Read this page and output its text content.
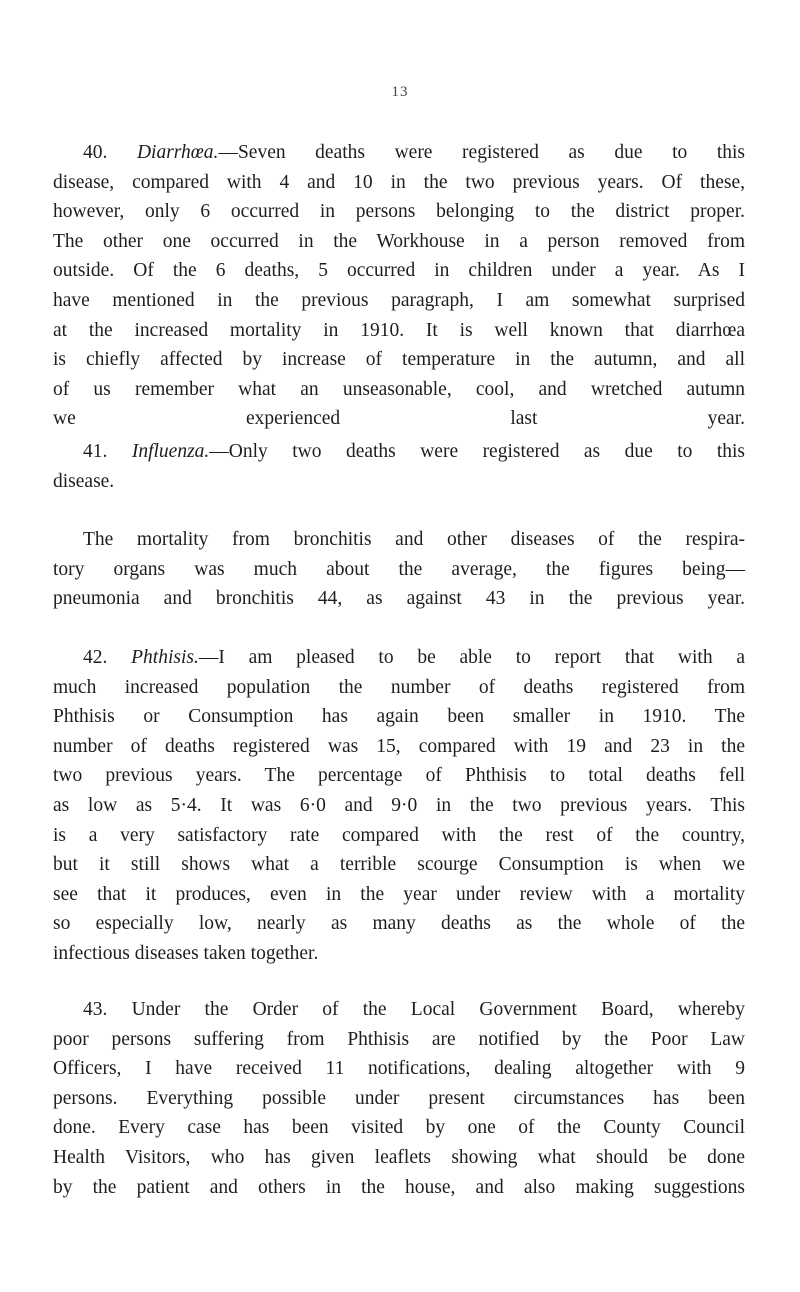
13
40. Diarrhœa.—Seven deaths were registered as due to this
disease, compared with 4 and 10 in the two previous years. Of these,
however, only 6 occurred in persons belonging to the district proper.
The other one occurred in the Workhouse in a person removed from
outside. Of the 6 deaths, 5 occurred in children under a year. As I
have mentioned in the previous paragraph, I am somewhat surprised
at the increased mortality in 1910. It is well known that diarrhœa
is chiefly affected by increase of temperature in the autumn, and all
of us remember what an unseasonable, cool, and wretched autumn
we experienced last year.
41. Influenza.—Only two deaths were registered as due to this
disease.
The mortality from bronchitis and other diseases of the respira-
tory organs was much about the average, the figures being—
pneumonia and bronchitis 44, as against 43 in the previous year.
42. Phthisis.—I am pleased to be able to report that with a
much increased population the number of deaths registered from
Phthisis or Consumption has again been smaller in 1910. The
number of deaths registered was 15, compared with 19 and 23 in the
two previous years. The percentage of Phthisis to total deaths fell
as low as 5·4. It was 6·0 and 9·0 in the two previous years. This
is a very satisfactory rate compared with the rest of the country,
but it still shows what a terrible scourge Consumption is when we
see that it produces, even in the year under review with a mortality
so especially low, nearly as many deaths as the whole of the
infectious diseases taken together.
43. Under the Order of the Local Government Board, whereby
poor persons suffering from Phthisis are notified by the Poor Law
Officers, I have received 11 notifications, dealing altogether with 9
persons. Everything possible under present circumstances has been
done. Every case has been visited by one of the County Council
Health Visitors, who has given leaflets showing what should be done
by the patient and others in the house, and also making suggestions
